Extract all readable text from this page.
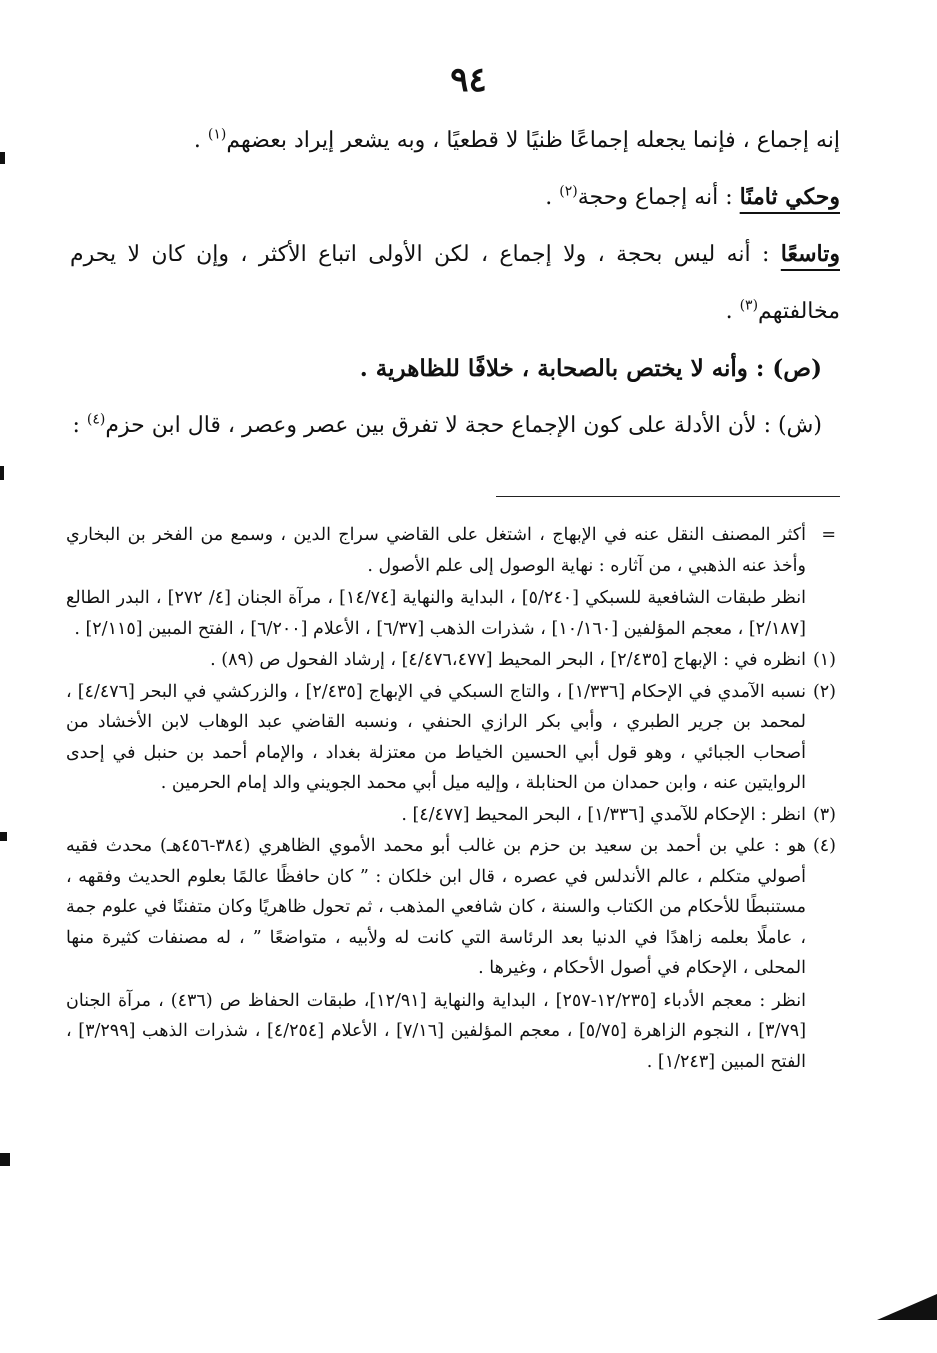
٩٤

إنه إجماع ، فإنما يجعله إجماعًا ظنيًا لا قطعيًا ، وبه يشعر إيراد بعضهم$^{(١)}$ .

وحكي ثامنًا : أنه إجماع وحجة$^{(٢)}$ .

وتاسعًا : أنه ليس بحجة ، ولا إجماع ، لكن الأولى اتباع الأكثر ، وإن كان لا يحرم مخالفتهم$^{(٣)}$ .

(ص) : وأنه لا يختص بالصحابة ، خلافًا للظاهرية .

(ش) : لأن الأدلة على كون الإجماع حجة لا تفرق بين عصر وعصر ، قال ابن حزم$^{(٤)}$ :

=

أكثر المصنف النقل عنه في الإبهاج ، اشتغل على القاضي سراج الدين ، وسمع من الفخر بن البخاري وأخذ عنه الذهبي ، من آثاره : نهاية الوصول إلى علم الأصول .

انظر طبقات الشافعية للسبكي [٥/٢٤٠] ، البداية والنهاية [١٤/٧٤] ، مرآة الجنان [٤/ ٢٧٢] ، البدر الطالع [٢/١٨٧] ، معجم المؤلفين [١٠/١٦٠] ، شذرات الذهب [٦/٣٧] ، الأعلام [٦/٢٠٠] ، الفتح المبين [٢/١١٥] .

(١)

انظره في : الإبهاج [٢/٤٣٥] ، البحر المحيط [٤/٤٧٦،٤٧٧] ، إرشاد الفحول ص (٨٩) .

(٢)

نسبه الآمدي في الإحكام [١/٣٣٦] ، والتاج السبكي في الإبهاج [٢/٤٣٥] ، والزركشي في البحر [٤/٤٧٦] ، لمحمد بن جرير الطبري ، وأبي بكر الرازي الحنفي ، ونسبه القاضي عبد الوهاب لابن الأخشاد من أصحاب الجبائي ، وهو قول أبي الحسين الخياط من معتزلة بغداد ، والإمام أحمد بن حنبل في إحدى الروايتين عنه ، وابن حمدان من الحنابلة ، وإليه ميل أبي محمد الجويني والد إمام الحرمين .

(٣)

انظر : الإحكام للآمدي [١/٣٣٦] ، البحر المحيط [٤/٤٧٧] .

(٤)

هو : علي بن أحمد بن سعيد بن حزم بن غالب أبو محمد الأموي الظاهري (٣٨٤-٤٥٦هـ) محدث فقيه أصولي متكلم ، عالم الأندلس في عصره ، قال ابن خلكان : ” كان حافظًا عالمًا بعلوم الحديث وفقهه ، مستنبطًا للأحكام من الكتاب والسنة ، كان شافعي المذهب ، ثم تحول ظاهريًا وكان متفننًا في علوم جمة ، عاملًا بعلمه زاهدًا في الدنيا بعد الرئاسة التي كانت له ولأبيه ، متواضعًا ” ، له مصنفات كثيرة منها المحلى ، الإحكام في أصول الأحكام ، وغيرها .

انظر : معجم الأدباء [١٢/٢٣٥-٢٥٧] ، البداية والنهاية [١٢/٩١]، طبقات الحفاظ ص (٤٣٦) ، مرآة الجنان [٣/٧٩] ، النجوم الزاهرة [٥/٧٥] ، معجم المؤلفين [٧/١٦] ، الأعلام [٤/٢٥٤] ، شذرات الذهب [٣/٢٩٩] ، الفتح المبين [١/٢٤٣] .
